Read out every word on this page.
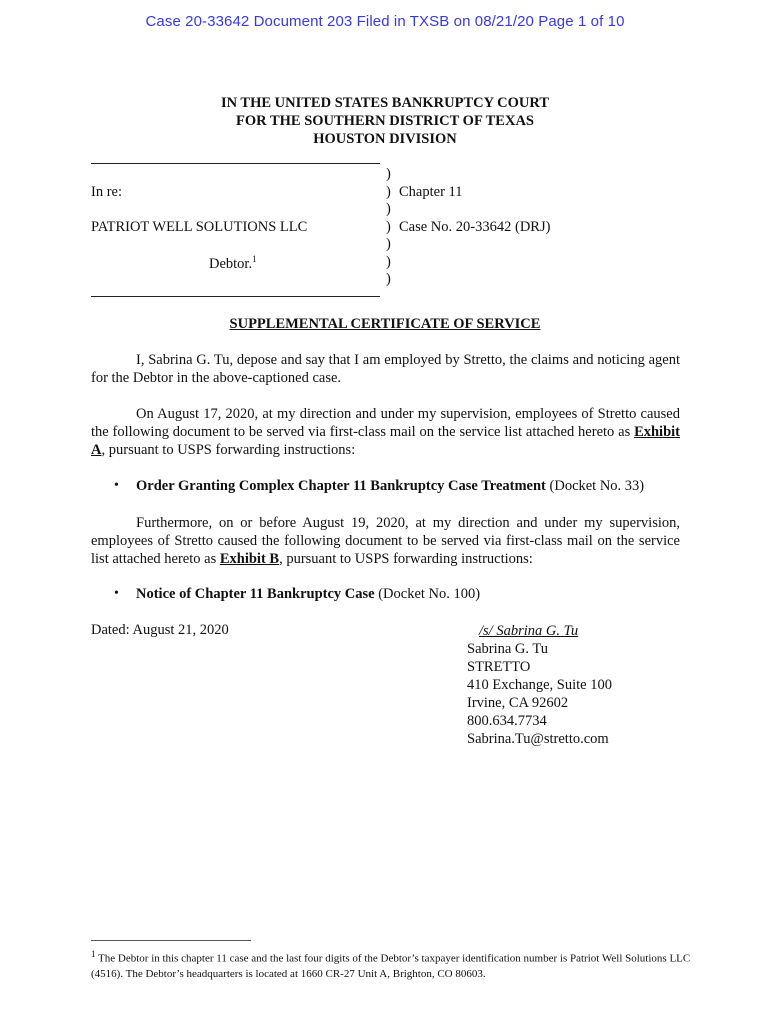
Case 20-33642 Document 203 Filed in TXSB on 08/21/20 Page 1 of 10
IN THE UNITED STATES BANKRUPTCY COURT
FOR THE SOUTHERN DISTRICT OF TEXAS
HOUSTON DIVISION
In re:
PATRIOT WELL SOLUTIONS LLC
Debtor.$^1$
)
)
)
)
)
)
)
Chapter 11
Case No. 20-33642 (DRJ)
SUPPLEMENTAL CERTIFICATE OF SERVICE
I, Sabrina G. Tu, depose and say that I am employed by Stretto, the claims and noticing agent for the Debtor in the above-captioned case.
On August 17, 2020, at my direction and under my supervision, employees of Stretto caused the following document to be served via first-class mail on the service list attached hereto as Exhibit A, pursuant to USPS forwarding instructions:
• Order Granting Complex Chapter 11 Bankruptcy Case Treatment (Docket No. 33)
Furthermore, on or before August 19, 2020, at my direction and under my supervision, employees of Stretto caused the following document to be served via first-class mail on the service list attached hereto as Exhibit B, pursuant to USPS forwarding instructions:
• Notice of Chapter 11 Bankruptcy Case (Docket No. 100)
Dated: August 21, 2020	/s/ Sabrina G. Tu
Sabrina G. Tu
STRETTO
410 Exchange, Suite 100
Irvine, CA 92602
800.634.7734
Sabrina.Tu@stretto.com
$^1$ The Debtor in this chapter 11 case and the last four digits of the Debtor’s taxpayer identification number is Patriot Well Solutions LLC (4516). The Debtor’s headquarters is located at 1660 CR-27 Unit A, Brighton, CO 80603.
